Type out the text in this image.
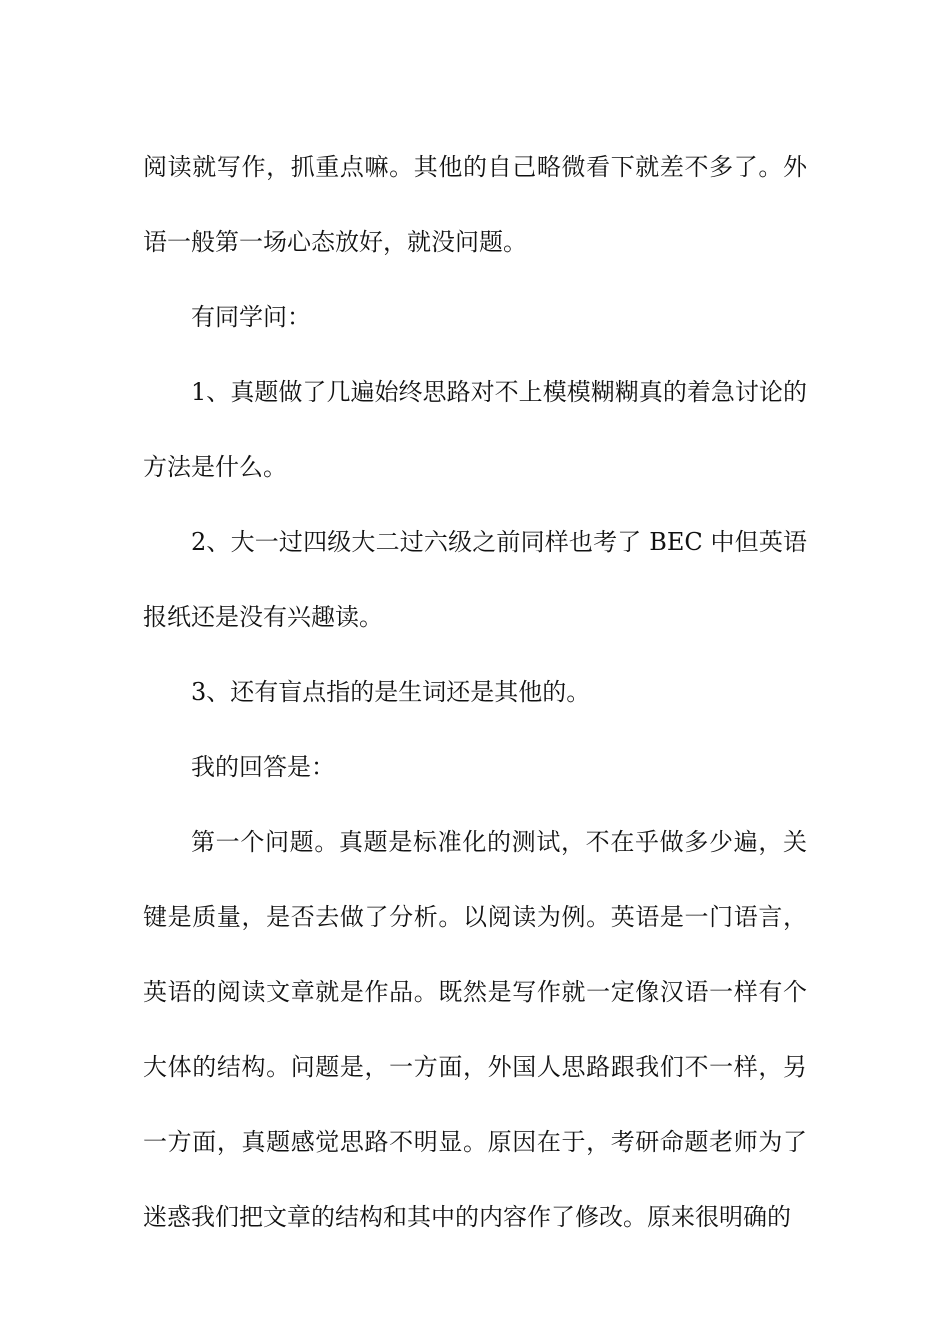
阅读就写作，抓重点嘛。其他的自己略微看下就差不多了。外语一般第一场心态放好，就没问题。

有同学问：

1、真题做了几遍始终思路对不上模模糊糊真的着急讨论的方法是什么。

2、大一过四级大二过六级之前同样也考了 BEC 中但英语报纸还是没有兴趣读。

3、还有盲点指的是生词还是其他的。

我的回答是：

第一个问题。真题是标准化的测试，不在乎做多少遍，关键是质量，是否去做了分析。以阅读为例。英语是一门语言，英语的阅读文章就是作品。既然是写作就一定像汉语一样有个大体的结构。问题是，一方面，外国人思路跟我们不一样，另一方面，真题感觉思路不明显。原因在于，考研命题老师为了迷惑我们把文章的结构和其中的内容作了修改。原来很明确的
